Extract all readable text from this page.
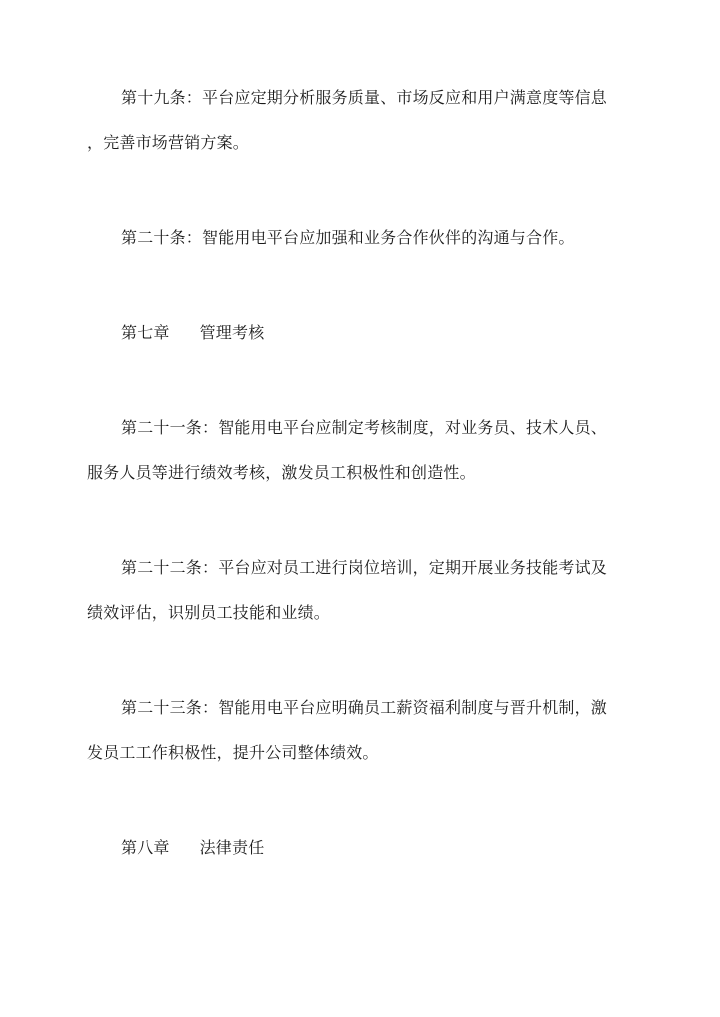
第十九条：平台应定期分析服务质量、市场反应和用户满意度等信息
，完善市场营销方案。
第二十条：智能用电平台应加强和业务合作伙伴的沟通与合作。
第七章 管理考核
第二十一条：智能用电平台应制定考核制度，对业务员、技术人员、
服务人员等进行绩效考核，激发员工积极性和创造性。
第二十二条：平台应对员工进行岗位培训，定期开展业务技能考试及
绩效评估，识别员工技能和业绩。
第二十三条：智能用电平台应明确员工薪资福利制度与晋升机制，激
发员工工作积极性，提升公司整体绩效。
第八章 法律责任
